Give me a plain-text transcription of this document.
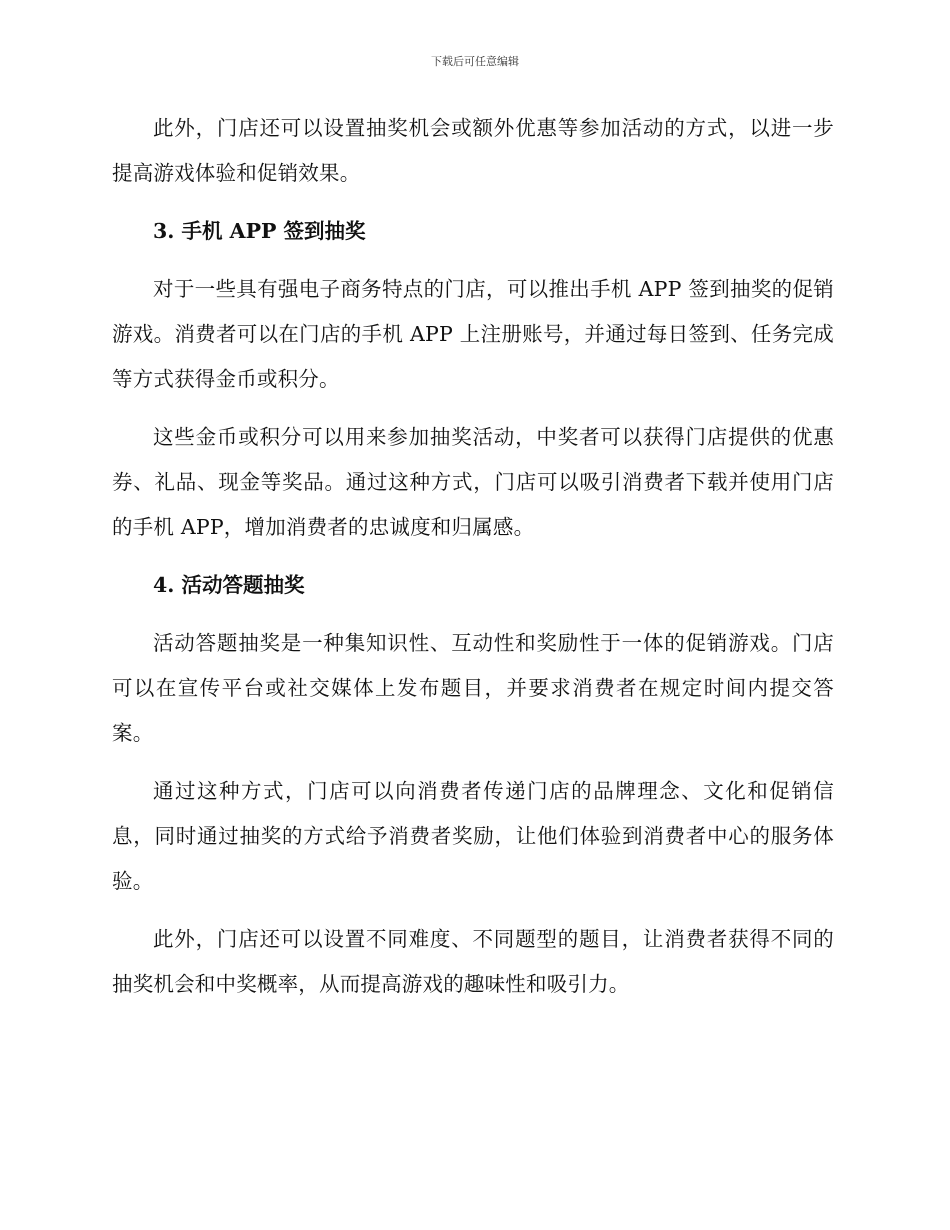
下载后可任意编辑

此外，门店还可以设置抽奖机会或额外优惠等参加活动的方式，以进一步提高游戏体验和促销效果。

3. 手机 APP 签到抽奖

对于一些具有强电子商务特点的门店，可以推出手机 APP 签到抽奖的促销游戏。消费者可以在门店的手机 APP 上注册账号，并通过每日签到、任务完成等方式获得金币或积分。

这些金币或积分可以用来参加抽奖活动，中奖者可以获得门店提供的优惠券、礼品、现金等奖品。通过这种方式，门店可以吸引消费者下载并使用门店的手机 APP，增加消费者的忠诚度和归属感。

4. 活动答题抽奖

活动答题抽奖是一种集知识性、互动性和奖励性于一体的促销游戏。门店可以在宣传平台或社交媒体上发布题目，并要求消费者在规定时间内提交答案。

通过这种方式，门店可以向消费者传递门店的品牌理念、文化和促销信息，同时通过抽奖的方式给予消费者奖励，让他们体验到消费者中心的服务体验。

此外，门店还可以设置不同难度、不同题型的题目，让消费者获得不同的抽奖机会和中奖概率，从而提高游戏的趣味性和吸引力。
